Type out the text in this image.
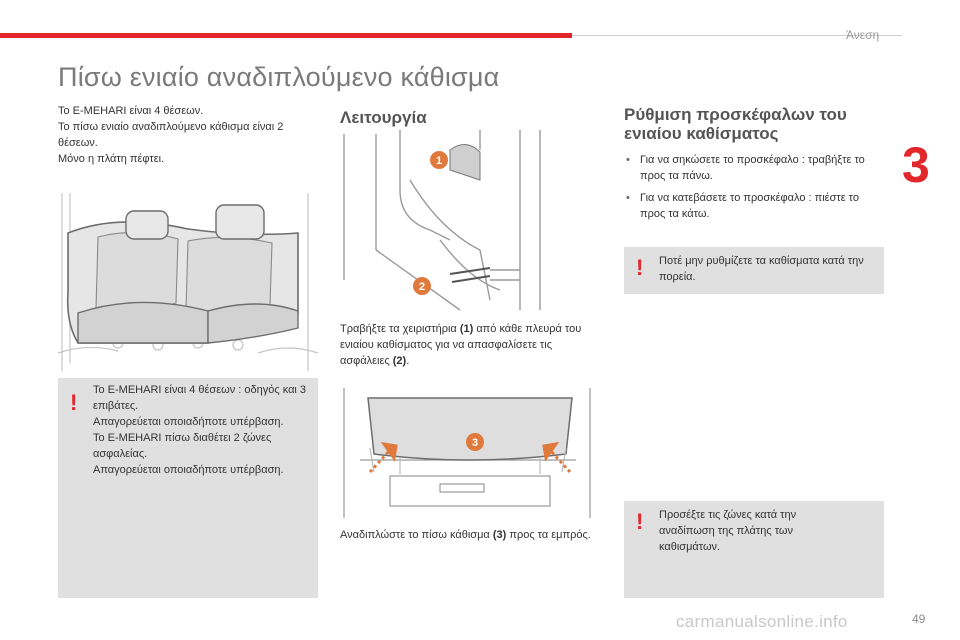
Άνεση
3
Πίσω ενιαίο αναδιπλούμενο κάθισμα
Το E-MEHARI είναι 4 θέσεων.
Το πίσω ενιαίο αναδιπλούμενο κάθισμα είναι 2 θέσεων.
Μόνο η πλάτη πέφτει.
! Το E-MEHARI είναι 4 θέσεων : οδηγός και 3 επιβάτες.
Απαγορεύεται οποιαδήποτε υπέρβαση.
Το E-MEHARI πίσω διαθέτει 2 ζώνες ασφαλείας.
Απαγορεύεται οποιαδήποτε υπέρβαση.
Λειτουργία
1
2
Τραβήξτε τα χειριστήρια (1) από κάθε πλευρά του ενιαίου καθίσματος για να απασφαλίσετε τις ασφάλειες (2).
3
Αναδιπλώστε το πίσω κάθισμα (3) προς τα εμπρός.
Ρύθμιση προσκέφαλων του ενιαίου καθίσματος
• Για να σηκώσετε το προσκέφαλο : τραβήξτε το προς τα πάνω.
• Για να κατεβάσετε το προσκέφαλο : πιέστε το προς τα κάτω.
! Ποτέ μην ρυθμίζετε τα καθίσματα κατά την πορεία.
! Προσέξτε τις ζώνες κατά την αναδίπωση της πλάτης των καθισμάτων.
carmanualsonline.info	49
